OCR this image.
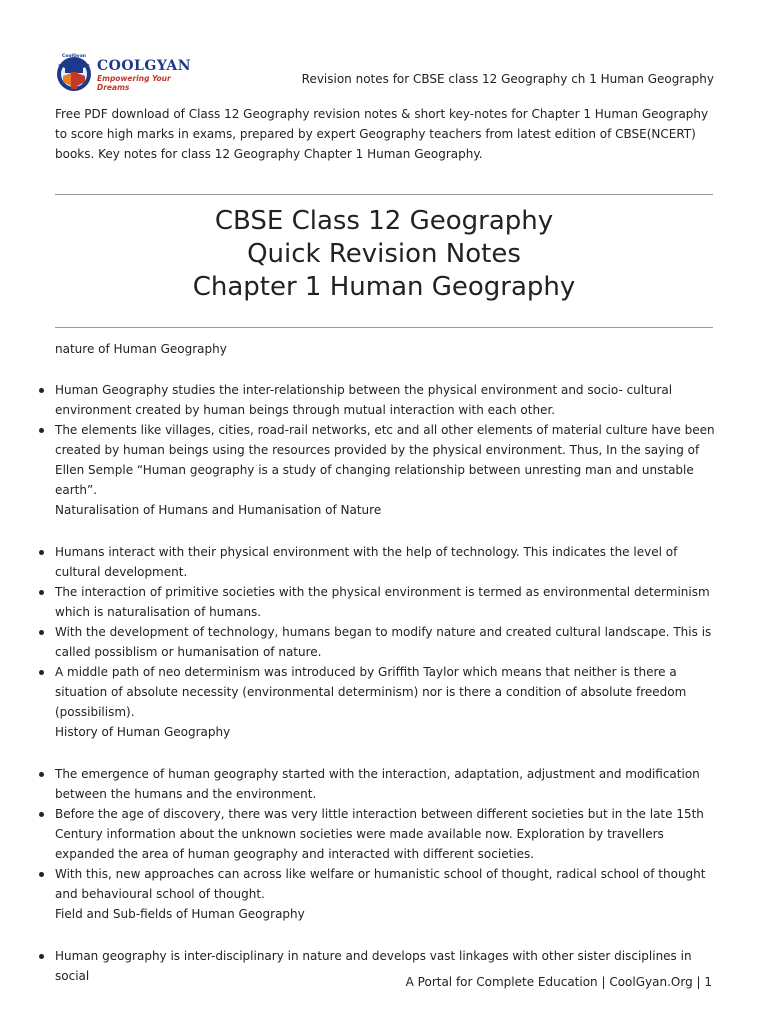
CoolGyan
COOLGYAN
Empowering Your Dreams
Revision notes for CBSE class 12 Geography ch 1 Human Geography
Free PDF download of Class 12 Geography revision notes & short key-notes for Chapter 1 Human Geography to score high marks in exams, prepared by expert Geography teachers from latest edition of CBSE(NCERT) books. Key notes for class 12 Geography Chapter 1 Human Geography.
CBSE Class 12 Geography
Quick Revision Notes
Chapter 1 Human Geography
nature of Human Geography
Human Geography studies the inter-relationship between the physical environment and socio- cultural environment created by human beings through mutual interaction with each other.
The elements like villages, cities, road-rail networks, etc and all other elements of material culture have been created by human beings using the resources provided by the physical environment. Thus, In the saying of Ellen Semple “Human geography is a study of changing relationship between unresting man and unstable earth”.
Naturalisation of Humans and Humanisation of Nature
Humans interact with their physical environment with the help of technology. This indicates the level of cultural development.
The interaction of primitive societies with the physical environment is termed as environmental determinism which is naturalisation of humans.
With the development of technology, humans began to modify nature and created cultural landscape. This is called possiblism or humanisation of nature.
A middle path of neo determinism was introduced by Griffith Taylor which means that neither is there a situation of absolute necessity (environmental determinism) nor is there a condition of absolute freedom (possibilism).
History of Human Geography
The emergence of human geography started with the interaction, adaptation, adjustment and modification between the humans and the environment.
Before the age of discovery, there was very little interaction between different societies but in the late 15th Century information about the unknown societies were made available now. Exploration by travellers expanded the area of human geography and interacted with different societies.
With this, new approaches can across like welfare or humanistic school of thought, radical school of thought and behavioural school of thought.
Field and Sub-fields of Human Geography
Human geography is inter-disciplinary in nature and develops vast linkages with other sister disciplines in social	A Portal for Complete Education | CoolGyan.Org | 1
